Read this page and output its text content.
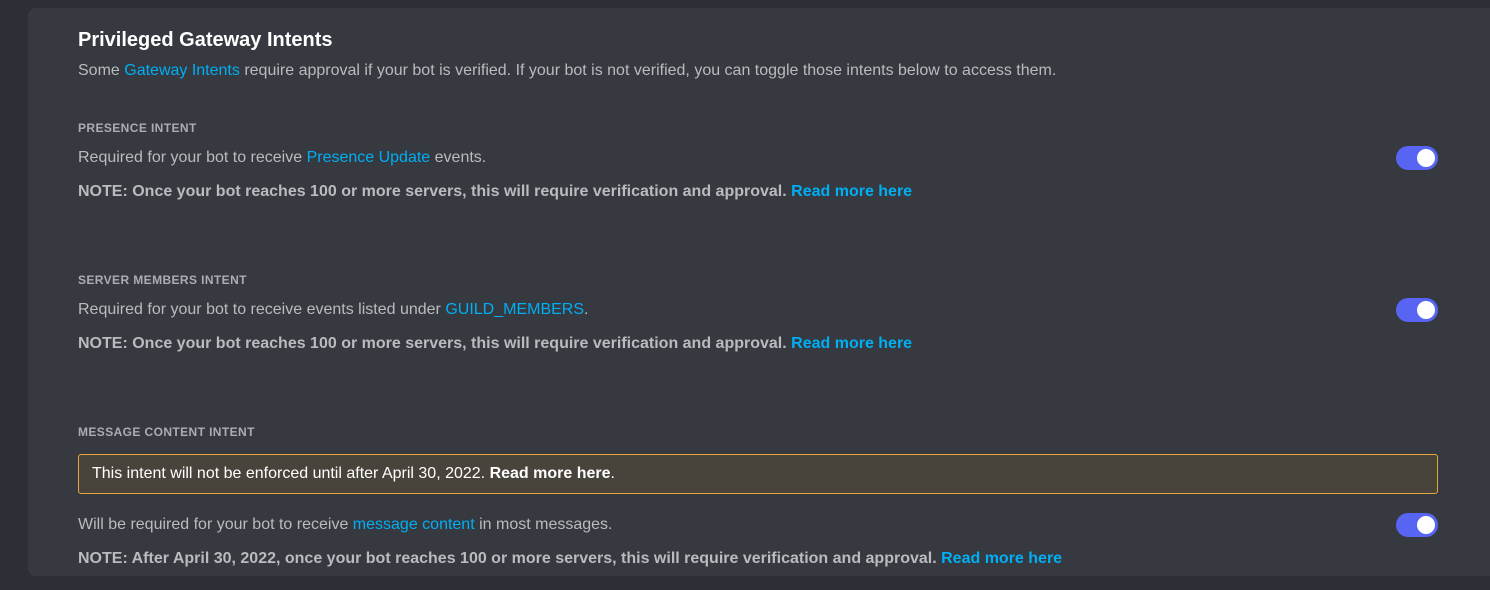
Privileged Gateway Intents

Some Gateway Intents require approval if your bot is verified. If your bot is not verified, you can toggle those intents below to access them.

PRESENCE INTENT
Required for your bot to receive Presence Update events.
NOTE: Once your bot reaches 100 or more servers, this will require verification and approval. Read more here
SERVER MEMBERS INTENT
Required for your bot to receive events listed under GUILD_MEMBERS.
NOTE: Once your bot reaches 100 or more servers, this will require verification and approval. Read more here
MESSAGE CONTENT INTENT
This intent will not be enforced until after April 30, 2022. Read more here.
Will be required for your bot to receive message content in most messages.
NOTE: After April 30, 2022, once your bot reaches 100 or more servers, this will require verification and approval. Read more here
